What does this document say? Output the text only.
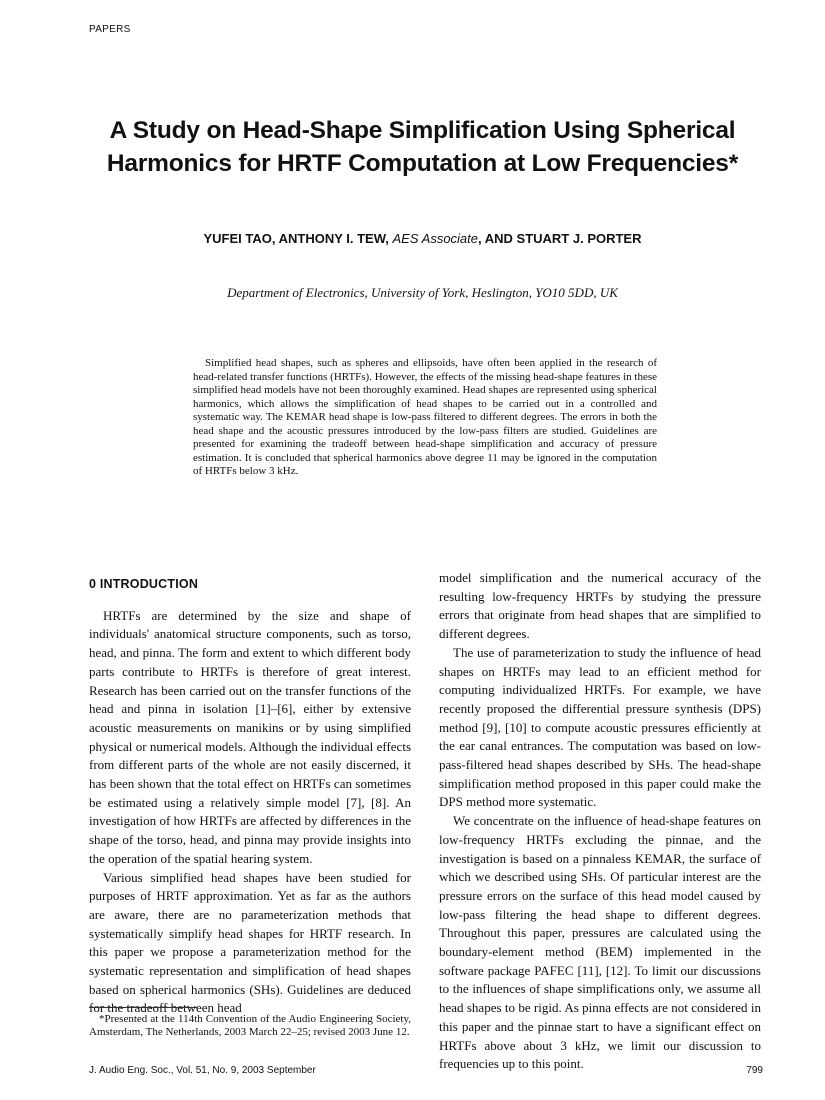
PAPERS
A Study on Head-Shape Simplification Using Spherical
Harmonics for HRTF Computation at Low Frequencies*
YUFEI TAO, ANTHONY I. TEW, AES Associate, AND STUART J. PORTER
Department of Electronics, University of York, Heslington, YO10 5DD, UK

Simplified head shapes, such as spheres and ellipsoids, have often been applied in the research of head-related transfer functions (HRTFs). However, the effects of the missing head-shape features in these simplified head models have not been thoroughly examined. Head shapes are represented using spherical harmonics, which allows the simplification of head shapes to be carried out in a controlled and systematic way. The KEMAR head shape is low-pass filtered to different degrees. The errors in both the head shape and the acoustic pressures introduced by the low-pass filters are studied. Guidelines are presented for examining the tradeoff between head-shape simplification and accuracy of pressure estimation. It is concluded that spherical harmonics above degree 11 may be ignored in the computation of HRTFs below 3 kHz.

0 INTRODUCTION

HRTFs are determined by the size and shape of individuals' anatomical structure components, such as torso, head, and pinna. The form and extent to which different body parts contribute to HRTFs is therefore of great interest. Research has been carried out on the transfer functions of the head and pinna in isolation [1]–[6], either by extensive acoustic measurements on manikins or by using simplified physical or numerical models. Although the individual effects from different parts of the whole are not easily discerned, it has been shown that the total effect on HRTFs can sometimes be estimated using a relatively simple model [7], [8]. An investigation of how HRTFs are affected by differences in the shape of the torso, head, and pinna may provide insights into the operation of the spatial hearing system.

Various simplified head shapes have been studied for purposes of HRTF approximation. Yet as far as the authors are aware, there are no parameterization methods that systematically simplify head shapes for HRTF research. In this paper we propose a parameterization method for the systematic representation and simplification of head shapes based on spherical harmonics (SHs). Guidelines are deduced for the tradeoff between head

model simplification and the numerical accuracy of the resulting low-frequency HRTFs by studying the pressure errors that originate from head shapes that are simplified to different degrees.

The use of parameterization to study the influence of head shapes on HRTFs may lead to an efficient method for computing individualized HRTFs. For example, we have recently proposed the differential pressure synthesis (DPS) method [9], [10] to compute acoustic pressures efficiently at the ear canal entrances. The computation was based on low-pass-filtered head shapes described by SHs. The head-shape simplification method proposed in this paper could make the DPS method more systematic.

We concentrate on the influence of head-shape features on low-frequency HRTFs excluding the pinnae, and the investigation is based on a pinnaless KEMAR, the surface of which we described using SHs. Of particular interest are the pressure errors on the surface of this head model caused by low-pass filtering the head shape to different degrees. Throughout this paper, pressures are calculated using the boundary-element method (BEM) implemented in the software package PAFEC [11], [12]. To limit our discussions to the influences of shape simplifications only, we assume all head shapes to be rigid. As pinna effects are not considered in this paper and the pinnae start to have a significant effect on HRTFs above about 3 kHz, we limit our discussion to frequencies up to this point.

*Presented at the 114th Convention of the Audio Engineering Society, Amsterdam, The Netherlands, 2003 March 22–25; revised 2003 June 12.

J. Audio Eng. Soc., Vol. 51, No. 9, 2003 September	799
